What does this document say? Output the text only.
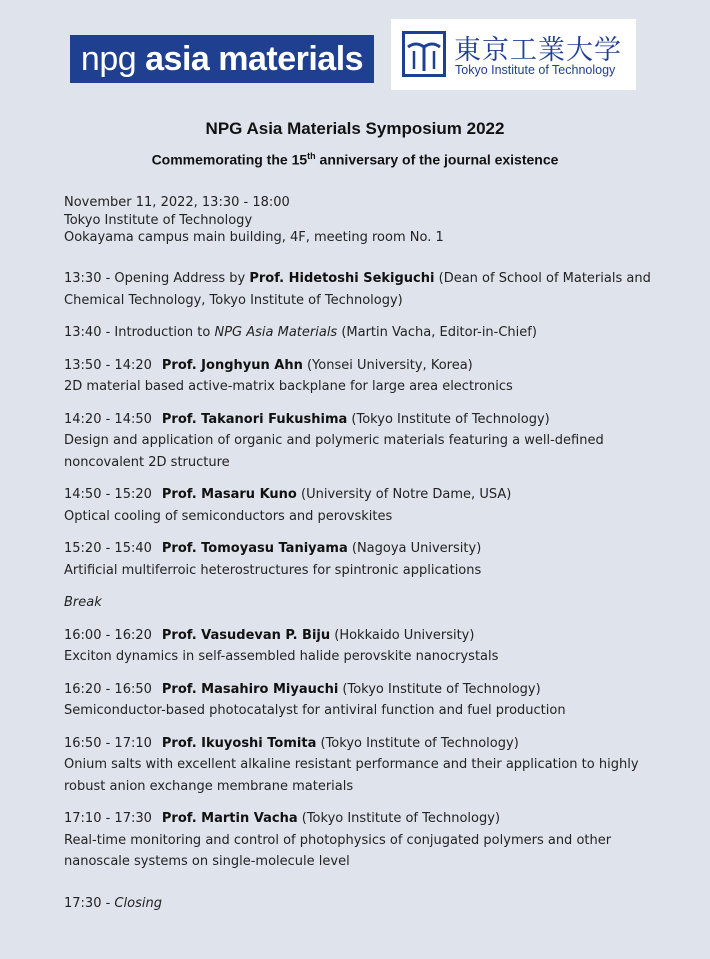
npg asia materials	東京工業大学
Tokyo Institute of Technology
NPG Asia Materials Symposium 2022
Commemorating the 15th anniversary of the journal existence
November 11, 2022, 13:30 - 18:00
Tokyo Institute of Technology
Ookayama campus main building, 4F, meeting room No. 1
13:30 - Opening Address by Prof. Hidetoshi Sekiguchi (Dean of School of Materials and Chemical Technology, Tokyo Institute of Technology)
13:40 - Introduction to NPG Asia Materials (Martin Vacha, Editor-in-Chief)
13:50 - 14:20 Prof. Jonghyun Ahn (Yonsei University, Korea)
2D material based active-matrix backplane for large area electronics
14:20 - 14:50 Prof. Takanori Fukushima (Tokyo Institute of Technology)
Design and application of organic and polymeric materials featuring a well-defined noncovalent 2D structure
14:50 - 15:20 Prof. Masaru Kuno (University of Notre Dame, USA)
Optical cooling of semiconductors and perovskites
15:20 - 15:40 Prof. Tomoyasu Taniyama (Nagoya University)
Artificial multiferroic heterostructures for spintronic applications
Break
16:00 - 16:20 Prof. Vasudevan P. Biju (Hokkaido University)
Exciton dynamics in self-assembled halide perovskite nanocrystals
16:20 - 16:50 Prof. Masahiro Miyauchi (Tokyo Institute of Technology)
Semiconductor-based photocatalyst for antiviral function and fuel production
16:50 - 17:10 Prof. Ikuyoshi Tomita (Tokyo Institute of Technology)
Onium salts with excellent alkaline resistant performance and their application to highly robust anion exchange membrane materials
17:10 - 17:30 Prof. Martin Vacha (Tokyo Institute of Technology)
Real-time monitoring and control of photophysics of conjugated polymers and other nanoscale systems on single-molecule level
17:30 - Closing
